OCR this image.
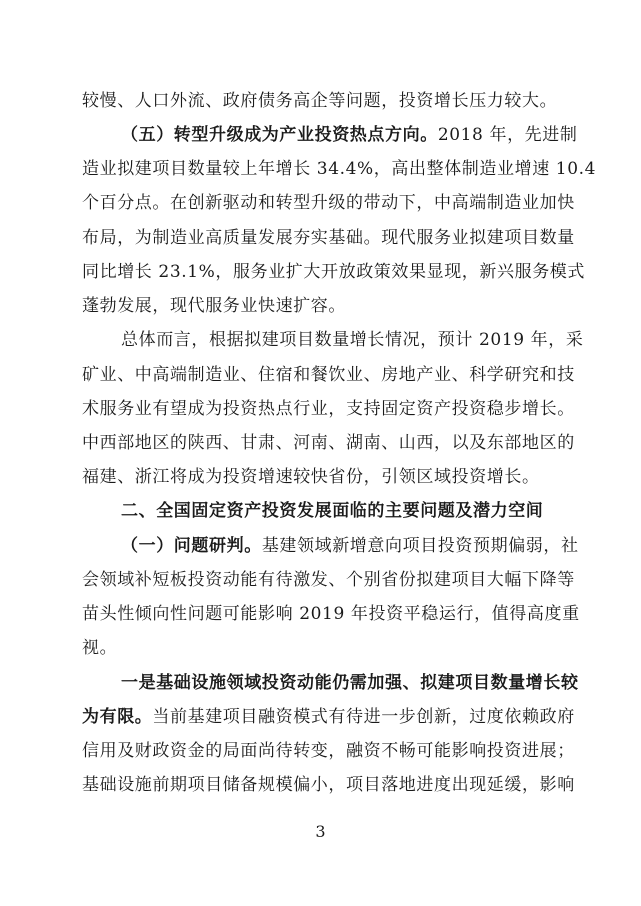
较慢、人口外流、政府债务高企等问题，投资增长压力较大。
（五）转型升级成为产业投资热点方向。2018 年，先进制
造业拟建项目数量较上年增长 34.4%，高出整体制造业增速 10.4
个百分点。在创新驱动和转型升级的带动下，中高端制造业加快
布局，为制造业高质量发展夯实基础。现代服务业拟建项目数量
同比增长 23.1%，服务业扩大开放政策效果显现，新兴服务模式
蓬勃发展，现代服务业快速扩容。
总体而言，根据拟建项目数量增长情况，预计 2019 年，采
矿业、中高端制造业、住宿和餐饮业、房地产业、科学研究和技
术服务业有望成为投资热点行业，支持固定资产投资稳步增长。
中西部地区的陕西、甘肃、河南、湖南、山西，以及东部地区的
福建、浙江将成为投资增速较快省份，引领区域投资增长。
二、全国固定资产投资发展面临的主要问题及潜力空间
（一）问题研判。基建领域新增意向项目投资预期偏弱，社
会领域补短板投资动能有待激发、个别省份拟建项目大幅下降等
苗头性倾向性问题可能影响 2019 年投资平稳运行，值得高度重
视。
一是基础设施领域投资动能仍需加强、拟建项目数量增长较
为有限。当前基建项目融资模式有待进一步创新，过度依赖政府
信用及财政资金的局面尚待转变，融资不畅可能影响投资进展；
基础设施前期项目储备规模偏小，项目落地进度出现延缓，影响
3
